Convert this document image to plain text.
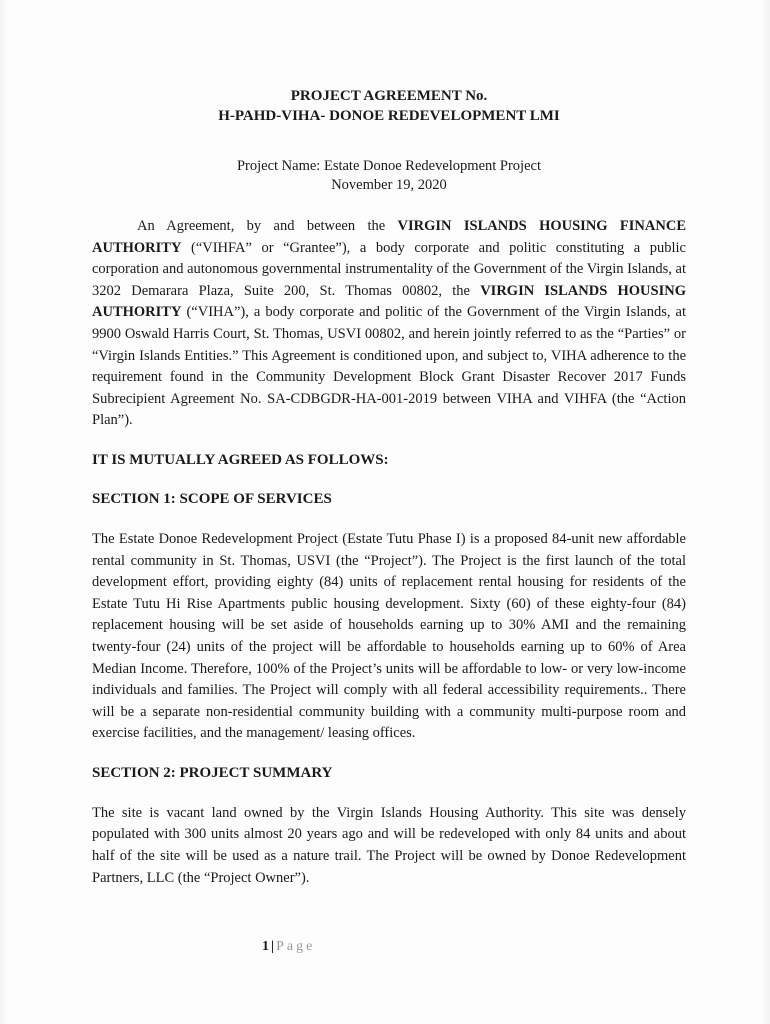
PROJECT AGREEMENT No.
H-PAHD-VIHA- DONOE REDEVELOPMENT LMI
Project Name: Estate Donoe Redevelopment Project
November 19, 2020

An Agreement, by and between the VIRGIN ISLANDS HOUSING FINANCE AUTHORITY (“VIHFA” or “Grantee”), a body corporate and politic constituting a public corporation and autonomous governmental instrumentality of the Government of the Virgin Islands, at 3202 Demarara Plaza, Suite 200, St. Thomas 00802, the VIRGIN ISLANDS HOUSING AUTHORITY (“VIHA”), a body corporate and politic of the Government of the Virgin Islands, at 9900 Oswald Harris Court, St. Thomas, USVI 00802, and herein jointly referred to as the “Parties” or “Virgin Islands Entities.” This Agreement is conditioned upon, and subject to, VIHA adherence to the requirement found in the Community Development Block Grant Disaster Recover 2017 Funds Subrecipient Agreement No. SA-CDBGDR-HA-001-2019 between VIHA and VIHFA (the “Action Plan”).

IT IS MUTUALLY AGREED AS FOLLOWS:
SECTION 1: SCOPE OF SERVICES

The Estate Donoe Redevelopment Project (Estate Tutu Phase I) is a proposed 84-unit new affordable rental community in St. Thomas, USVI (the “Project”). The Project is the first launch of the total development effort, providing eighty (84) units of replacement rental housing for residents of the Estate Tutu Hi Rise Apartments public housing development. Sixty (60) of these eighty-four (84) replacement housing will be set aside of households earning up to 30% AMI and the remaining twenty-four (24) units of the project will be affordable to households earning up to 60% of Area Median Income. Therefore, 100% of the Project’s units will be affordable to low- or very low-income individuals and families. The Project will comply with all federal accessibility requirements.. There will be a separate non-residential community building with a community multi-purpose room and exercise facilities, and the management/ leasing offices.

SECTION 2: PROJECT SUMMARY

The site is vacant land owned by the Virgin Islands Housing Authority. This site was densely populated with 300 units almost 20 years ago and will be redeveloped with only 84 units and about half of the site will be used as a nature trail. The Project will be owned by Donoe Redevelopment Partners, LLC (the “Project Owner”).

1 | Page
